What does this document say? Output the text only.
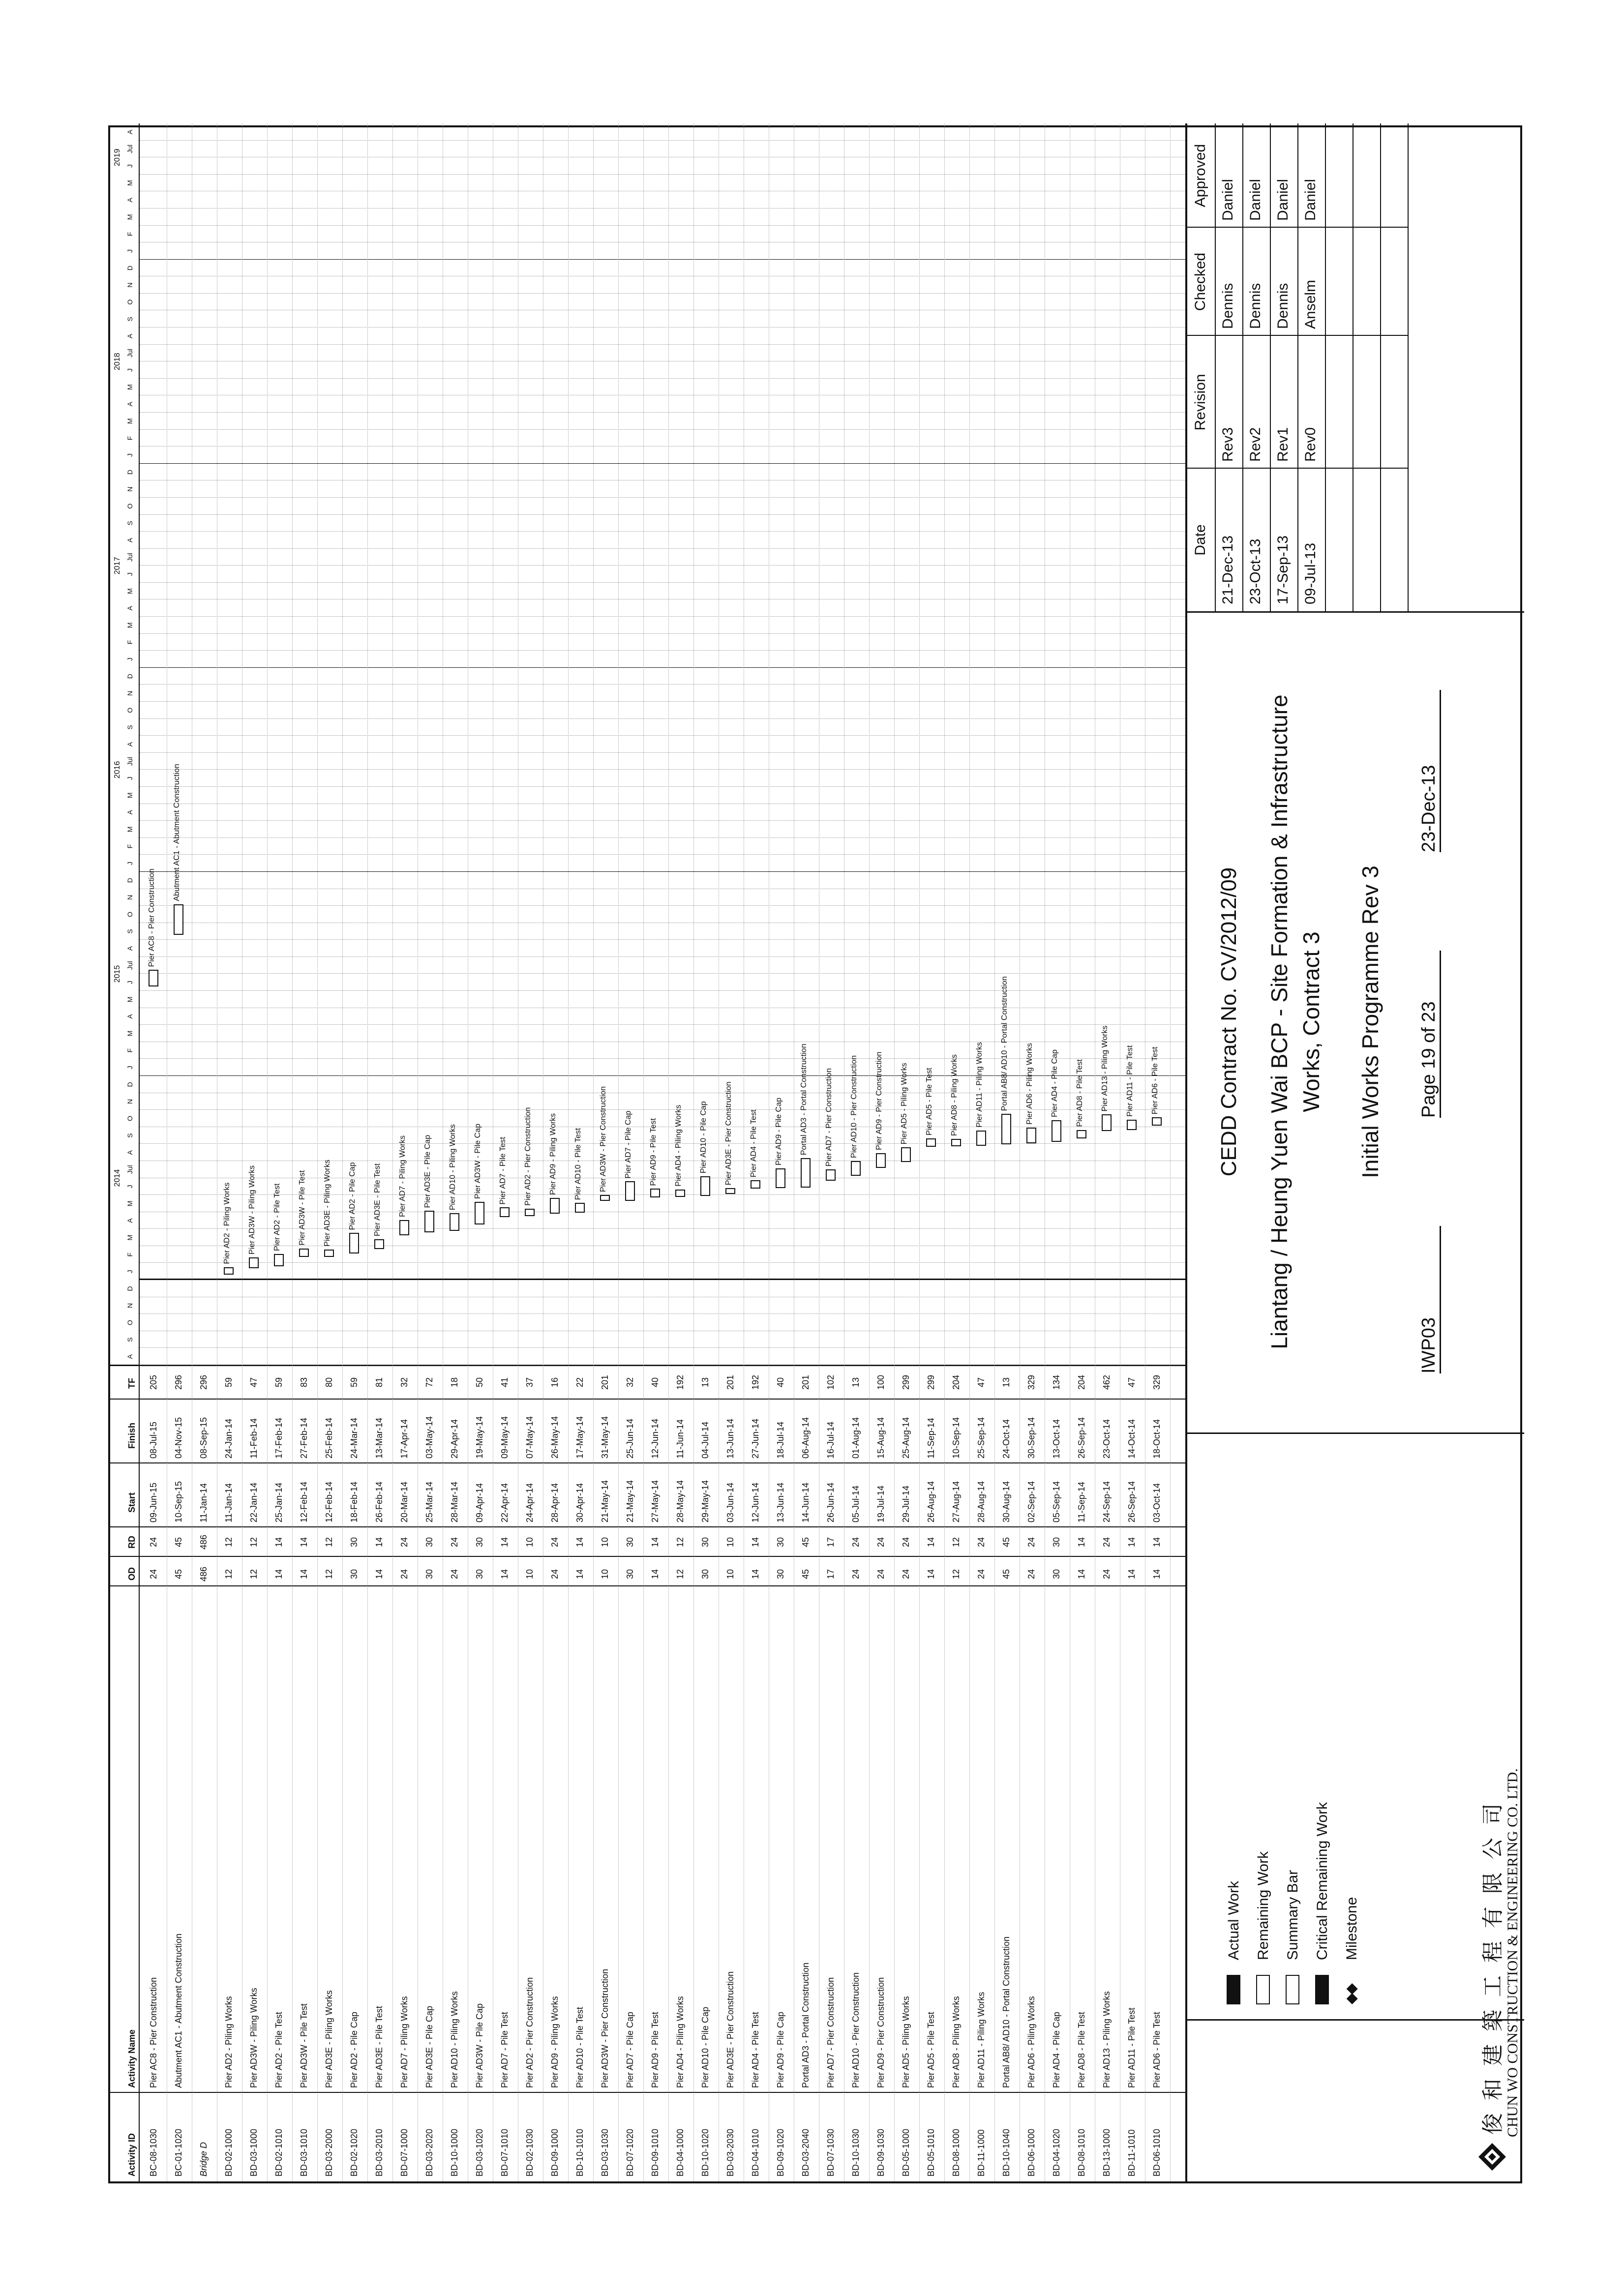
Activity ID
Activity Name
OD
RD
Start
Finish
TF
A
S
O
N
D
J
2014
F
M
A
M
J
Jul
A
S
O
N
D
J
2015
F
M
A
M
J
Jul
A
S
O
N
D
J
2016
F
M
A
M
J
Jul
A
S
O
N
D
J
2017
F
M
A
M
J
Jul
A
S
O
N
D
J
2018
F
M
A
M
J
Jul
A
S
O
N
D
J
2019
F
M
A
M
J
Jul
A
BC-08-1030
Pier AC8 - Pier Construction
24
24
09-Jun-15
08-Jul-15
205
Pier AC8 - Pier Construction
BC-01-1020
Abutment AC1 - Abutment Construction
45
45
10-Sep-15
04-Nov-15
296
Abutment AC1 - Abutment Construction
Bridge D
486
486
11-Jan-14
08-Sep-15
296
BD-02-1000
Pier AD2 - Piling Works
12
12
11-Jan-14
24-Jan-14
59
Pier AD2 - Piling Works
BD-03-1000
Pier AD3W - Piling Works
12
12
22-Jan-14
11-Feb-14
47
Pier AD3W - Piling Works
BD-02-1010
Pier AD2 - Pile Test
14
14
25-Jan-14
17-Feb-14
59
Pier AD2 - Pile Test
BD-03-1010
Pier AD3W - Pile Test
14
14
12-Feb-14
27-Feb-14
83
Pier AD3W - Pile Test
BD-03-2000
Pier AD3E - Piling Works
12
12
12-Feb-14
25-Feb-14
80
Pier AD3E - Piling Works
BD-02-1020
Pier AD2 - Pile Cap
30
30
18-Feb-14
24-Mar-14
59
Pier AD2 - Pile Cap
BD-03-2010
Pier AD3E - Pile Test
14
14
26-Feb-14
13-Mar-14
81
Pier AD3E - Pile Test
BD-07-1000
Pier AD7 - Piling Works
24
24
20-Mar-14
17-Apr-14
32
Pier AD7 - Piling Works
BD-03-2020
Pier AD3E - Pile Cap
30
30
25-Mar-14
03-May-14
72
Pier AD3E - Pile Cap
BD-10-1000
Pier AD10 - Piling Works
24
24
28-Mar-14
29-Apr-14
18
Pier AD10 - Piling Works
BD-03-1020
Pier AD3W - Pile Cap
30
30
09-Apr-14
19-May-14
50
Pier AD3W - Pile Cap
BD-07-1010
Pier AD7 - Pile Test
14
14
22-Apr-14
09-May-14
41
Pier AD7 - Pile Test
BD-02-1030
Pier AD2 - Pier Construction
10
10
24-Apr-14
07-May-14
37
Pier AD2 - Pier Construction
BD-09-1000
Pier AD9 - Piling Works
24
24
28-Apr-14
26-May-14
16
Pier AD9 - Piling Works
BD-10-1010
Pier AD10 - Pile Test
14
14
30-Apr-14
17-May-14
22
Pier AD10 - Pile Test
BD-03-1030
Pier AD3W - Pier Construction
10
10
21-May-14
31-May-14
201
Pier AD3W - Pier Construction
BD-07-1020
Pier AD7 - Pile Cap
30
30
21-May-14
25-Jun-14
32
Pier AD7 - Pile Cap
BD-09-1010
Pier AD9 - Pile Test
14
14
27-May-14
12-Jun-14
40
Pier AD9 - Pile Test
BD-04-1000
Pier AD4 - Piling Works
12
12
28-May-14
11-Jun-14
192
Pier AD4 - Piling Works
BD-10-1020
Pier AD10 - Pile Cap
30
30
29-May-14
04-Jul-14
13
Pier AD10 - Pile Cap
BD-03-2030
Pier AD3E - Pier Construction
10
10
03-Jun-14
13-Jun-14
201
Pier AD3E - Pier Construction
BD-04-1010
Pier AD4 - Pile Test
14
14
12-Jun-14
27-Jun-14
192
Pier AD4 - Pile Test
BD-09-1020
Pier AD9 - Pile Cap
30
30
13-Jun-14
18-Jul-14
40
Pier AD9 - Pile Cap
BD-03-2040
Portal AD3 - Portal Construction
45
45
14-Jun-14
06-Aug-14
201
Portal AD3 - Portal Construction
BD-07-1030
Pier AD7 - Pier Construction
17
17
26-Jun-14
16-Jul-14
102
Pier AD7 - Pier Construction
BD-10-1030
Pier AD10 - Pier Construction
24
24
05-Jul-14
01-Aug-14
13
Pier AD10 - Pier Construction
BD-09-1030
Pier AD9 - Pier Construction
24
24
19-Jul-14
15-Aug-14
100
Pier AD9 - Pier Construction
BD-05-1000
Pier AD5 - Piling Works
24
24
29-Jul-14
25-Aug-14
299
Pier AD5 - Piling Works
BD-05-1010
Pier AD5 - Pile Test
14
14
26-Aug-14
11-Sep-14
299
Pier AD5 - Pile Test
BD-08-1000
Pier AD8 - Piling Works
12
12
27-Aug-14
10-Sep-14
204
Pier AD8 - Piling Works
BD-11-1000
Pier AD11 - Piling Works
24
24
28-Aug-14
25-Sep-14
47
Pier AD11 - Piling Works
BD-10-1040
Portal AB8/ AD10 - Portal Construction
45
45
30-Aug-14
24-Oct-14
13
Portal AB8/ AD10 - Portal Construction
BD-06-1000
Pier AD6 - Piling Works
24
24
02-Sep-14
30-Sep-14
329
Pier AD6 - Piling Works
BD-04-1020
Pier AD4 - Pile Cap
30
30
05-Sep-14
13-Oct-14
134
Pier AD4 - Pile Cap
BD-08-1010
Pier AD8 - Pile Test
14
14
11-Sep-14
26-Sep-14
204
Pier AD8 - Pile Test
BD-13-1000
Pier AD13 - Piling Works
24
24
24-Sep-14
23-Oct-14
462
Pier AD13 - Piling Works
BD-11-1010
Pier AD11 - Pile Test
14
14
26-Sep-14
14-Oct-14
47
Pier AD11 - Pile Test
BD-06-1010
Pier AD6 - Pile Test
14
14
03-Oct-14
18-Oct-14
329
Pier AD6 - Pile Test
俊 和 建 築 工 程 有 限 公 司
CHUN WO CONSTRUCTION & ENGINEERING CO. LTD.
Actual Work Remaining Work Summary Bar Critical Remaining Work
◆
◆
Milestone
CEDD Contract No. CV/2012/09 Liantang / Heung Yuen Wai BCP - Site Formation & Infrastructure Works, Contract 3 Initial Works Programme Rev 3
IWP03
Page 19 of 23
23-Dec-13
Date 21-Dec-13 23-Oct-13 17-Sep-13 09-Jul-13
Revision
Rev3 Rev2 Rev1 Rev0
Checked Dennis Dennis Dennis Anselm
Approved Daniel Daniel Daniel Daniel
